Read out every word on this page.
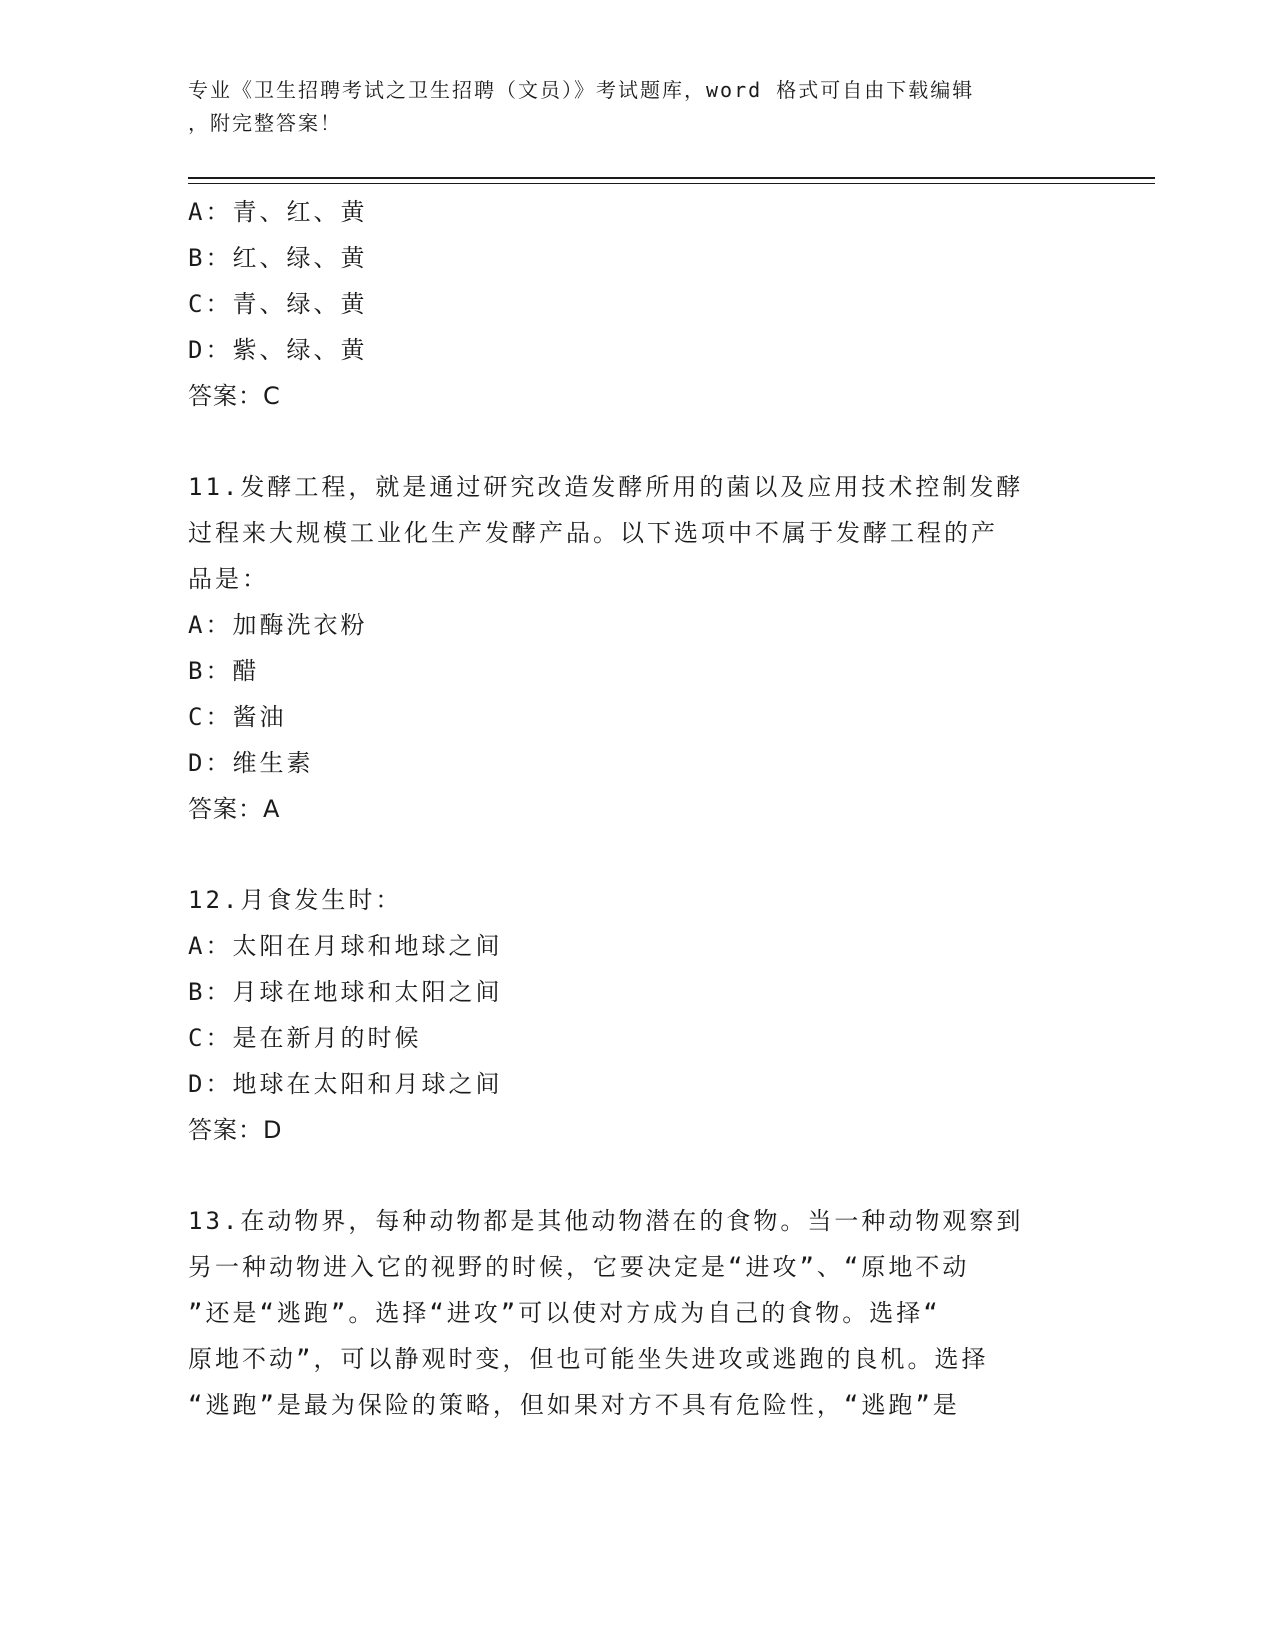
专业《卫生招聘考试之卫生招聘（文员）》考试题库，word 格式可自由下载编辑
，附完整答案！
A：青、红、黄
B：红、绿、黄
C：青、绿、黄
D：紫、绿、黄
答案：C
11.发酵工程，就是通过研究改造发酵所用的菌以及应用技术控制发酵
过程来大规模工业化生产发酵产品。以下选项中不属于发酵工程的产
品是：
A：加酶洗衣粉
B：醋
C：酱油
D：维生素
答案：A
12.月食发生时：
A：太阳在月球和地球之间
B：月球在地球和太阳之间
C：是在新月的时候
D：地球在太阳和月球之间
答案：D
13.在动物界，每种动物都是其他动物潜在的食物。当一种动物观察到
另一种动物进入它的视野的时候，它要决定是“进攻”、“原地不动
”还是“逃跑”。选择“进攻”可以使对方成为自己的食物。选择“
原地不动”，可以静观时变，但也可能坐失进攻或逃跑的良机。选择
“逃跑”是最为保险的策略，但如果对方不具有危险性，“逃跑”是
